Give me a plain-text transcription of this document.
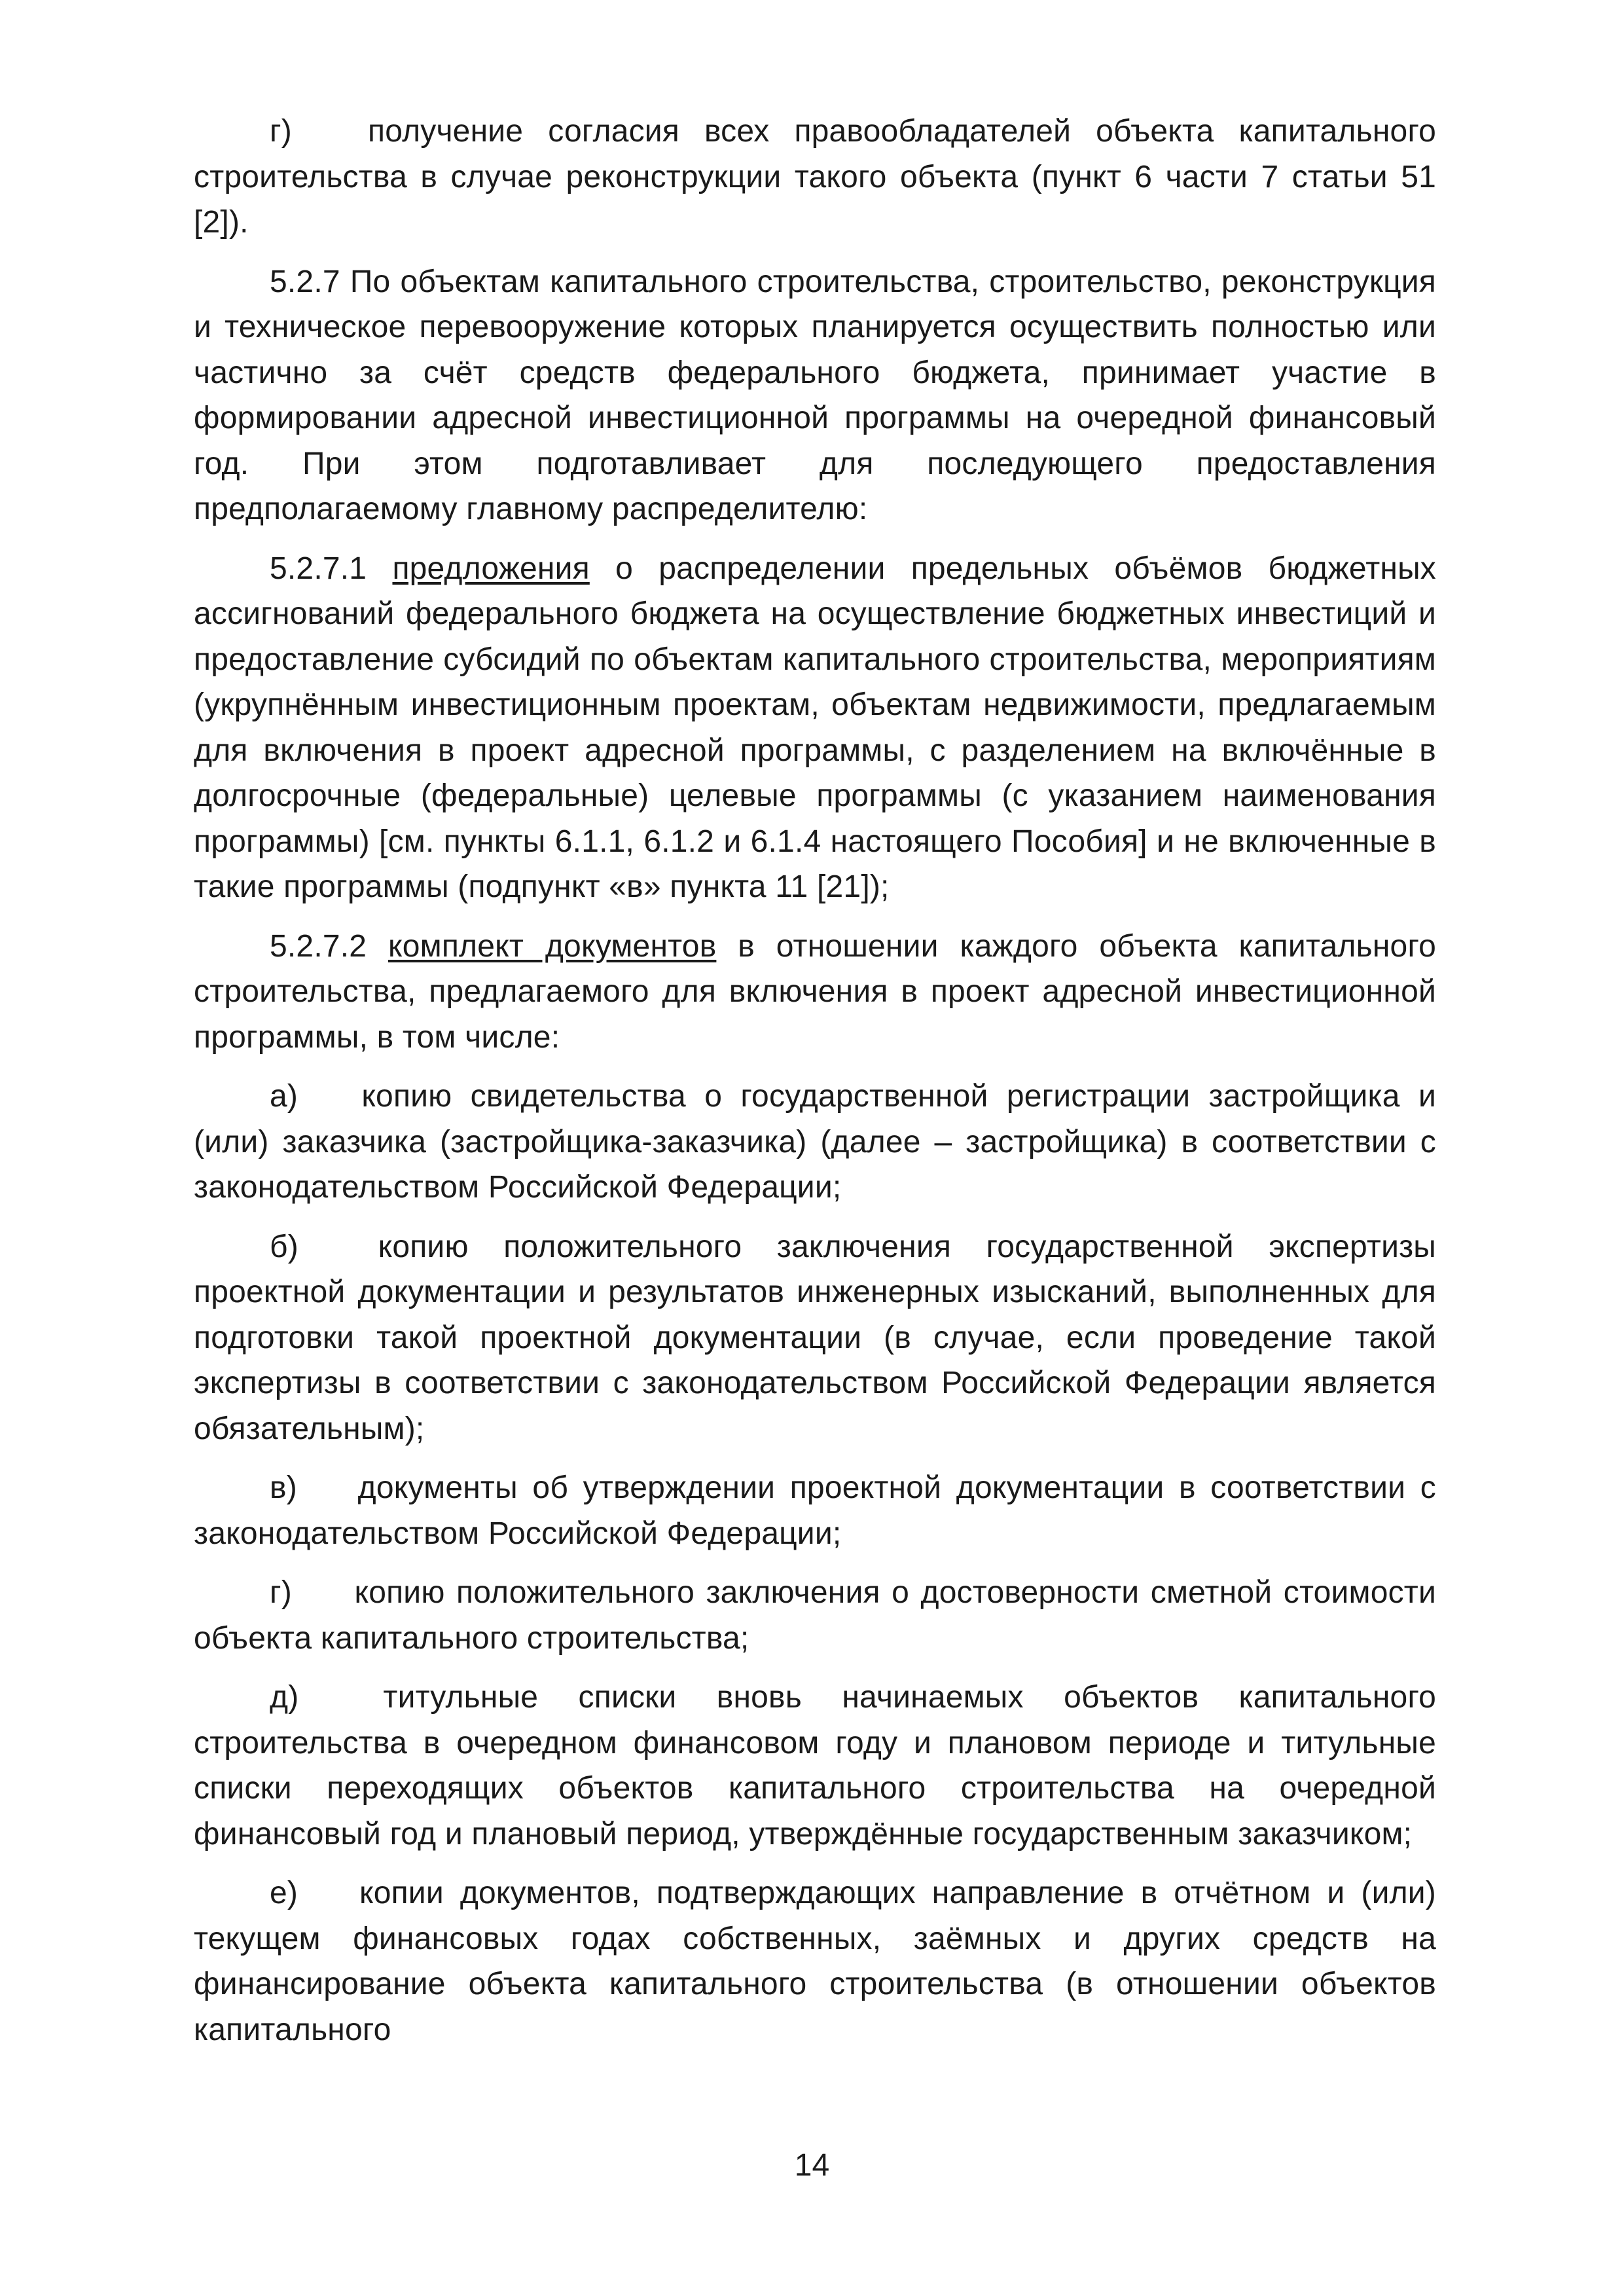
г) получение согласия всех правообладателей объекта капитального строительства в случае реконструкции такого объекта (пункт 6 части 7 статьи 51 [2]).

5.2.7 По объектам капитального строительства, строительство, реконструкция и техническое перевооружение которых планируется осуществить полностью или частично за счёт средств федерального бюджета, принимает участие в формировании адресной инвестиционной программы на очередной финансовый год. При этом подготавливает для последующего предоставления предполагаемому главному распределителю:

5.2.7.1 предложения о распределении предельных объёмов бюджетных ассигнований федерального бюджета на осуществление бюджетных инвестиций и предоставление субсидий по объектам капитального строительства, мероприятиям (укрупнённым инвестиционным проектам, объектам недвижимости, предлагаемым для включения в проект адресной программы, с разделением на включённые в долгосрочные (федеральные) целевые программы (с указанием наименования программы) [см. пункты 6.1.1, 6.1.2 и 6.1.4 настоящего Пособия] и не включенные в такие программы (подпункт «в» пункта 11 [21]);

5.2.7.2 комплект документов в отношении каждого объекта капитального строительства, предлагаемого для включения в проект адресной инвестиционной программы, в том числе:

а) копию свидетельства о государственной регистрации застройщика и (или) заказчика (застройщика-заказчика) (далее – застройщика) в соответствии с законодательством Российской Федерации;

б)	копию положительного заключения государственной экспертизы проектной документации и результатов инженерных изысканий, выполненных для подготовки такой проектной документации (в случае, если проведение такой экспертизы в соответствии с законодательством Российской Федерации является обязательным);

в) документы об утверждении проектной документации в соответствии с законодательством Российской Федерации;

г) копию положительного заключения о достоверности сметной стоимости объекта капитального строительства;

д)	титульные списки вновь начинаемых объектов капитального строительства в очередном финансовом году и плановом периоде и титульные списки переходящих объектов капитального строительства на очередной финансовый год и плановый период, утверждённые государственным заказчиком;

е) копии документов, подтверждающих направление в отчётном и (или) текущем финансовых годах собственных, заёмных и других средств на финансирование объекта капитального строительства (в отношении объектов капитального

14
